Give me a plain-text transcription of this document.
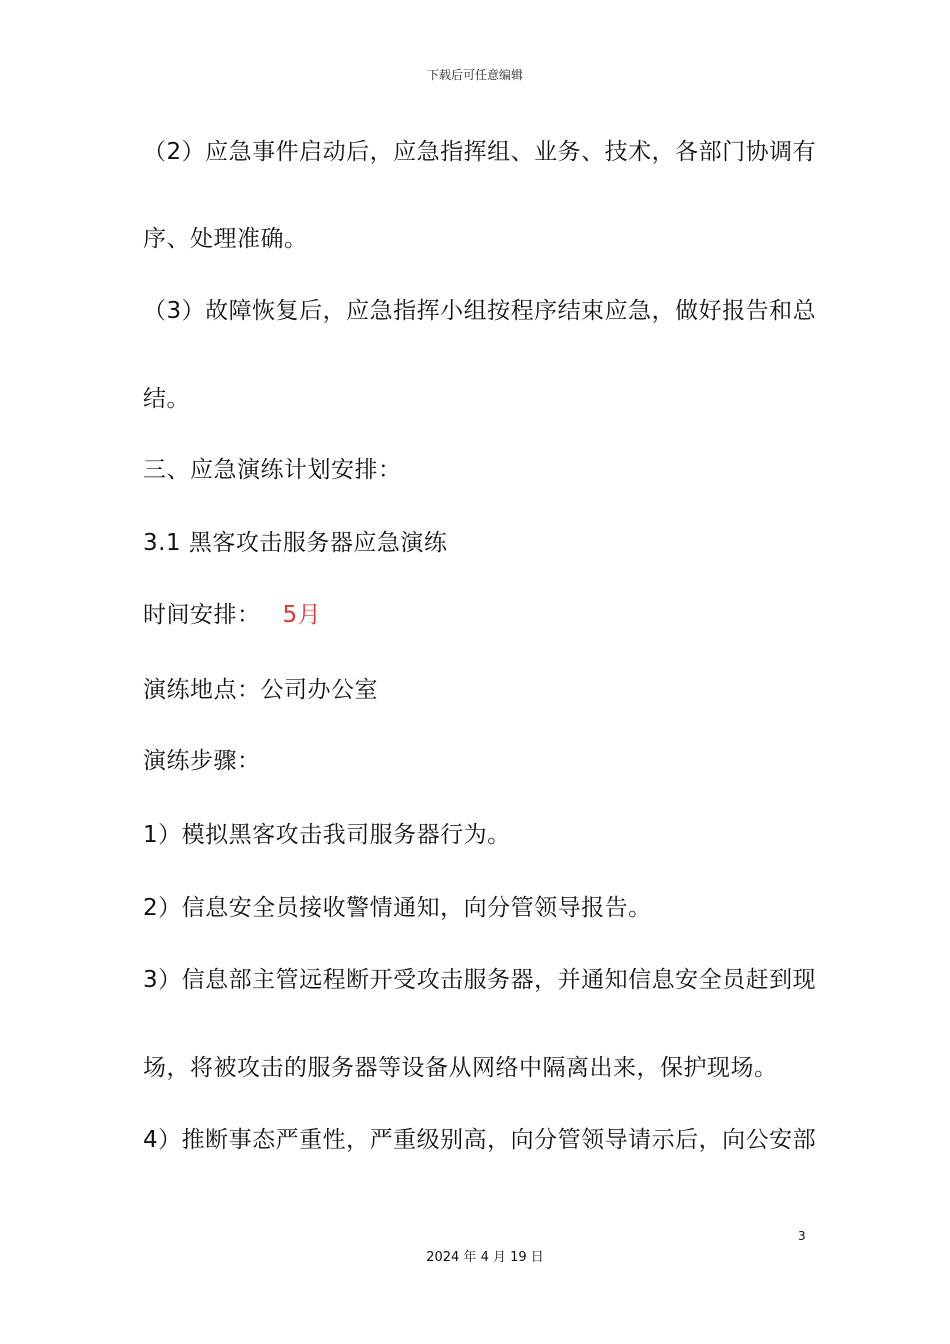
下载后可任意编辑
（2）应急事件启动后，应急指挥组、业务、技术，各部门协调有
序、处理准确。
（3）故障恢复后，应急指挥小组按程序结束应急，做好报告和总
结。
三、应急演练计划安排：
3.1 黑客攻击服务器应急演练
时间安排： 5月
演练地点：公司办公室
演练步骤：
1）模拟黑客攻击我司服务器行为。
2）信息安全员接收警情通知，向分管领导报告。
3）信息部主管远程断开受攻击服务器，并通知信息安全员赶到现
场，将被攻击的服务器等设备从网络中隔离出来，保护现场。
4）推断事态严重性，严重级别高，向分管领导请示后，向公安部
3
2024 年 4 月 19 日
